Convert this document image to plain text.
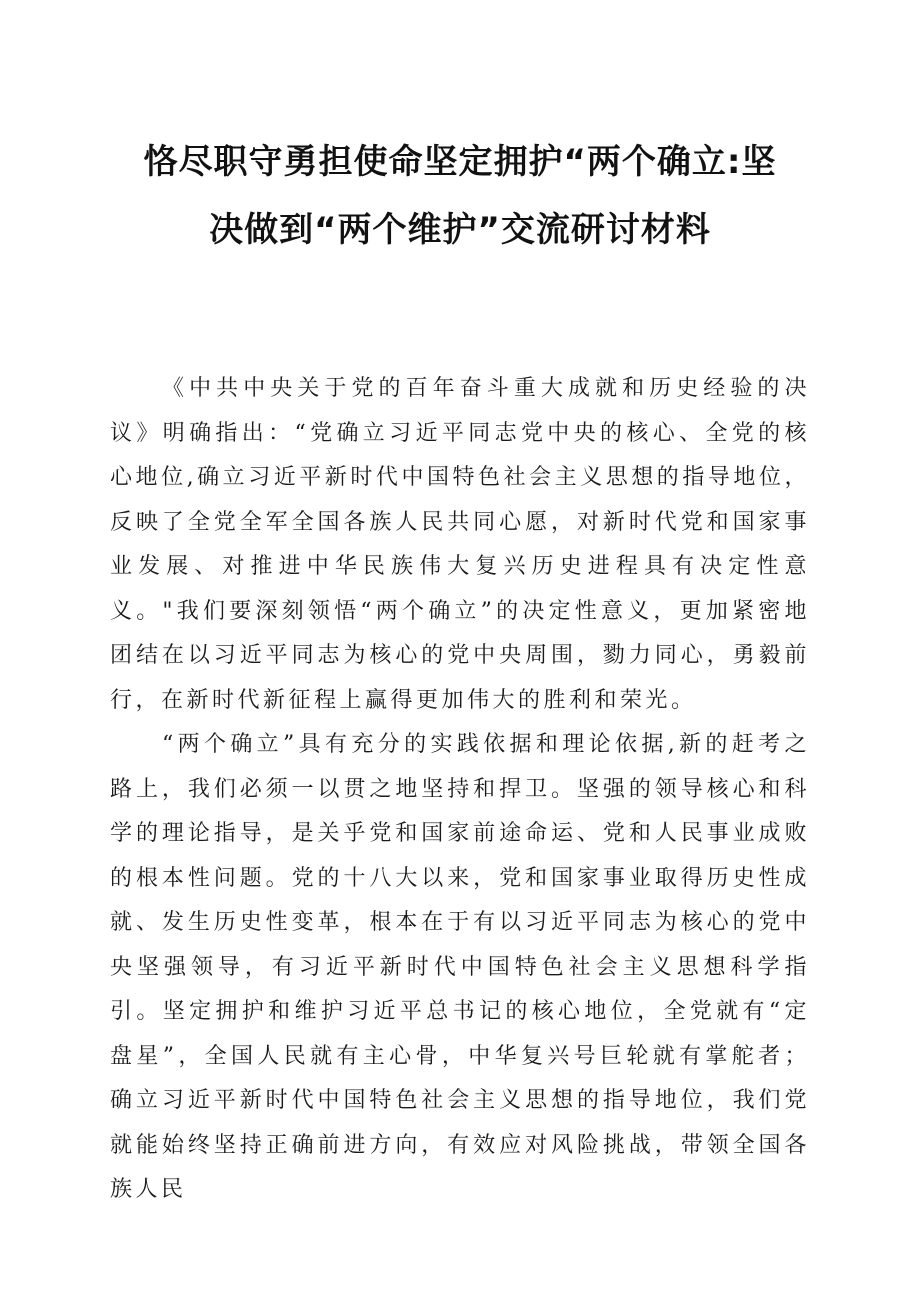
恪尽职守勇担使命坚定拥护“两个确立:坚
决做到“两个维护”交流研讨材料

《中共中央关于党的百年奋斗重大成就和历史经验的决议》明确指出：“党确立习近平同志党中央的核心、全党的核心地位,确立习近平新时代中国特色社会主义思想的指导地位，反映了全党全军全国各族人民共同心愿，对新时代党和国家事业发展、对推进中华民族伟大复兴历史进程具有决定性意义。"我们要深刻领悟“两个确立”的决定性意义，更加紧密地团结在以习近平同志为核心的党中央周围，勠力同心，勇毅前行，在新时代新征程上赢得更加伟大的胜利和荣光。

“两个确立”具有充分的实践依据和理论依据,新的赶考之路上，我们必须一以贯之地坚持和捍卫。坚强的领导核心和科学的理论指导，是关乎党和国家前途命运、党和人民事业成败的根本性问题。党的十八大以来，党和国家事业取得历史性成就、发生历史性变革，根本在于有以习近平同志为核心的党中央坚强领导，有习近平新时代中国特色社会主义思想科学指引。坚定拥护和维护习近平总书记的核心地位，全党就有“定盘星”，全国人民就有主心骨，中华复兴号巨轮就有掌舵者；确立习近平新时代中国特色社会主义思想的指导地位，我们党就能始终坚持正确前进方向，有效应对风险挑战，带领全国各族人民
